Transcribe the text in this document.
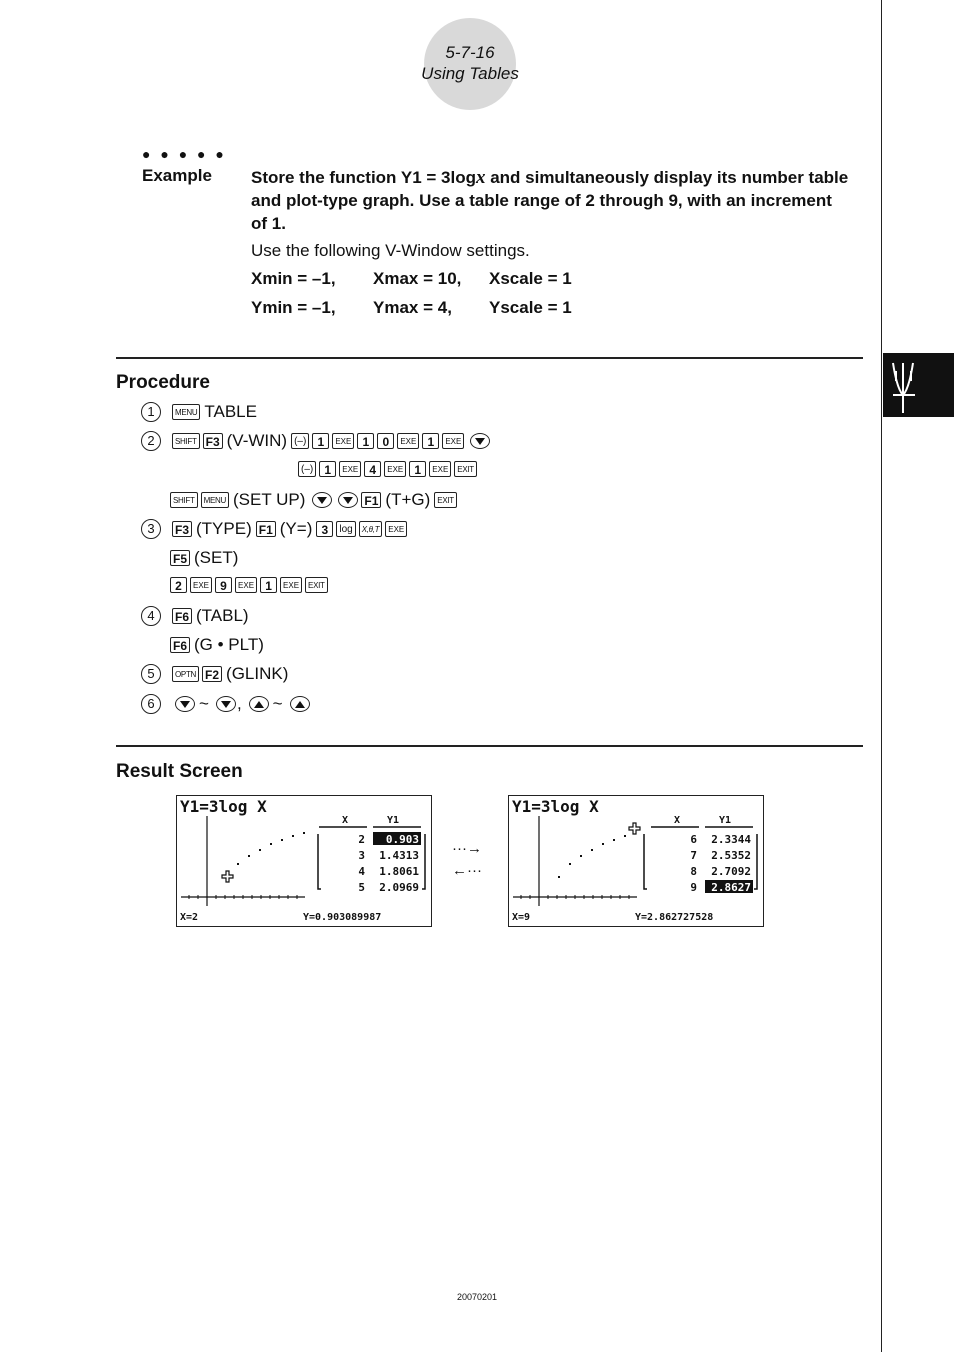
5-7-16
Using Tables
● ● ● ● ●
Example Store the function Y1 = 3logx and simultaneously display its number table and plot-type graph. Use a table range of 2 through 9, with an increment of 1.
Use the following V-Window settings.
Xmin = –1, Xmax = 10, Xscale = 1
Ymin = –1, Ymax = 4, Yscale = 1
Procedure
1	MENU TABLE
2	SHIFT F3 (V-WIN) (–) 1	EXE 1	0	EXE 1	EXE
(–) 1	EXE 4	EXE 1	EXE	EXIT
SHIFT	MENU (SET UP)	F1 (T+G) EXIT
3	F3 (TYPE) F1 (Y=) 3	log	X,θ,T	EXE
F5 (SET)
2	EXE 9	EXE 1	EXE	EXIT
4	F6 (TABL)
F6 (G • PLT)
5	OPTN F2 (GLINK)
6	~ , ~
Result Screen
Y1=3log X
X	Y1
2 0.903
3 1.4313
4 1.8061
5 2.0969
X=2	Y=0.903089987
···→
←···
Y1=3log X
X	Y1
6 2.3344
7 2.5352
8 2.7092
9 2.8627
X=9	Y=2.862727528
20070201
